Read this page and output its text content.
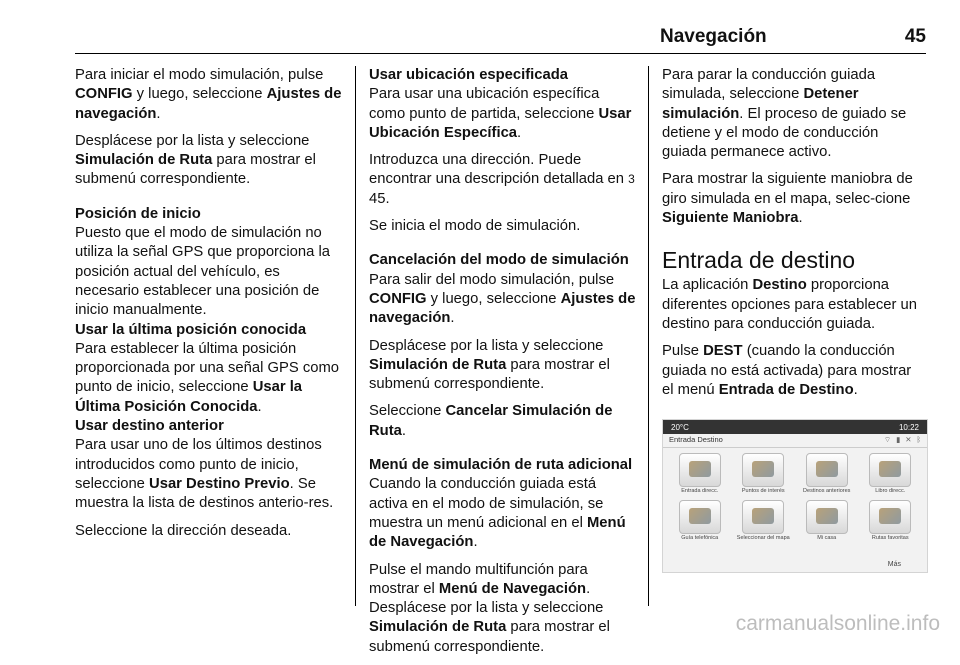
Navegación	45

Para iniciar el modo simulación, pulse CONFIG y luego, seleccione Ajustes de navegación.

Desplácese por la lista y seleccione Simulación de Ruta para mostrar el submenú correspondiente.

Posición de inicio

Puesto que el modo de simulación no utiliza la señal GPS que proporciona la posición actual del vehículo, es necesario establecer una posición de inicio manualmente.

Usar la última posición conocida

Para establecer la última posición proporcionada por una señal GPS como punto de inicio, seleccione Usar la Última Posición Conocida.

Usar destino anterior

Para usar uno de los últimos destinos introducidos como punto de inicio, seleccione Usar Destino Previo. Se muestra la lista de destinos anterio-res.

Seleccione la dirección deseada.

Usar ubicación especificada

Para usar una ubicación específica como punto de partida, seleccione Usar Ubicación Específica.

Introduzca una dirección. Puede encontrar una descripción detallada en 3 45.

Se inicia el modo de simulación.

Cancelación del modo de simulación

Para salir del modo simulación, pulse CONFIG y luego, seleccione Ajustes de navegación.

Desplácese por la lista y seleccione Simulación de Ruta para mostrar el submenú correspondiente.

Seleccione Cancelar Simulación de Ruta.

Menú de simulación de ruta adicional

Cuando la conducción guiada está activa en el modo de simulación, se muestra un menú adicional en el Menú de Navegación.

Pulse el mando multifunción para mostrar el Menú de Navegación. Desplácese por la lista y seleccione Simulación de Ruta para mostrar el submenú correspondiente.

Para parar la conducción guiada simulada, seleccione Detener simulación. El proceso de guiado se detiene y el modo de conducción guiada permanece activo.

Para mostrar la siguiente maniobra de giro simulada en el mapa, selec-cione Siguiente Maniobra.

Entrada de destino

La aplicación Destino proporciona diferentes opciones para establecer un destino para conducción guiada.

Pulse DEST (cuando la conducción guiada no está activada) para mostrar el menú Entrada de Destino.

20°C	10:22
Entrada Destino	⌔ ▮ ✕ ᛒ
Entrada direcc.	Puntos de interés	Destinos anteriores	Libro direcc.
Guía telefónica	Seleccionar del mapa	Mi casa	Rutas favoritas
Más
carmanualsonline.info
